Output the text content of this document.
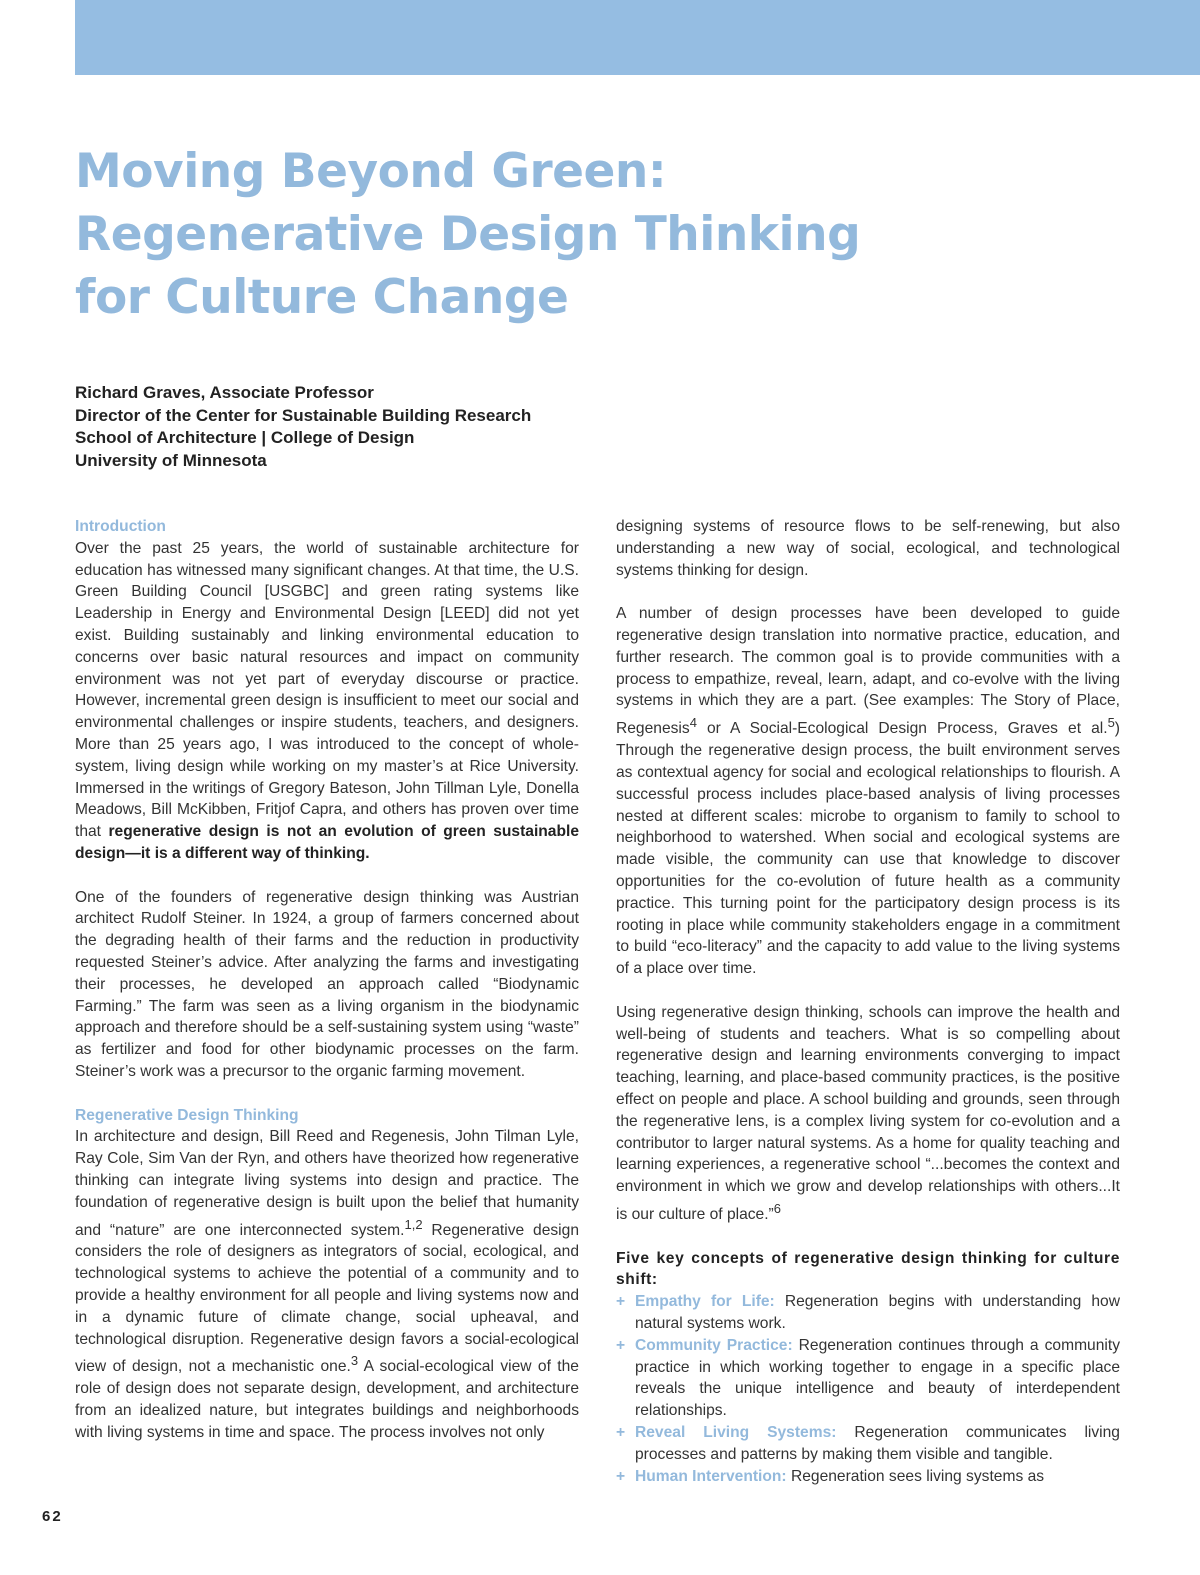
Moving Beyond Green:
Regenerative Design Thinking
for Culture Change
Richard Graves, Associate Professor
Director of the Center for Sustainable Building Research
School of Architecture | College of Design
University of Minnesota
Introduction

Over the past 25 years, the world of sustainable architecture for education has witnessed many significant changes. At that time, the U.S. Green Building Council [USGBC] and green rating systems like Leadership in Energy and Environmental Design [LEED] did not yet exist. Building sustainably and linking environmental education to concerns over basic natural resources and impact on community environment was not yet part of everyday discourse or practice. However, incremental green design is insufficient to meet our social and environmental challenges or inspire students, teachers, and designers. More than 25 years ago, I was introduced to the concept of whole-system, living design while working on my master’s at Rice University. Immersed in the writings of Gregory Bateson, John Tillman Lyle, Donella Meadows, Bill McKibben, Fritjof Capra, and others has proven over time that regenerative design is not an evolution of green sustainable design—it is a different way of thinking.

One of the founders of regenerative design thinking was Austrian architect Rudolf Steiner. In 1924, a group of farmers concerned about the degrading health of their farms and the reduction in productivity requested Steiner’s advice. After analyzing the farms and investigating their processes, he developed an approach called “Biodynamic Farming.” The farm was seen as a living organism in the biodynamic approach and therefore should be a self-sustaining system using “waste” as fertilizer and food for other biodynamic processes on the farm. Steiner’s work was a precursor to the organic farming movement.

Regenerative Design Thinking

In architecture and design, Bill Reed and Regenesis, John Tilman Lyle, Ray Cole, Sim Van der Ryn, and others have theorized how regenerative thinking can integrate living systems into design and practice. The foundation of regenerative design is built upon the belief that humanity and “nature” are one interconnected system.$^{1,2}$ Regenerative design considers the role of designers as integrators of social, ecological, and technological systems to achieve the potential of a community and to provide a healthy environment for all people and living systems now and in a dynamic future of climate change, social upheaval, and technological disruption. Regenerative design favors a social-ecological view of design, not a mechanistic one.$^3$ A social-ecological view of the role of design does not separate design, development, and architecture from an idealized nature, but integrates buildings and neighborhoods with living systems in time and space. The process involves not only

designing systems of resource flows to be self-renewing, but also understanding a new way of social, ecological, and technological systems thinking for design.

A number of design processes have been developed to guide regenerative design translation into normative practice, education, and further research. The common goal is to provide communities with a process to empathize, reveal, learn, adapt, and co-evolve with the living systems in which they are a part. (See examples: The Story of Place, Regenesis$^4$ or A Social-Ecological Design Process, Graves et al.$^5$) Through the regenerative design process, the built environment serves as contextual agency for social and ecological relationships to flourish. A successful process includes place-based analysis of living processes nested at different scales: microbe to organism to family to school to neighborhood to watershed. When social and ecological systems are made visible, the community can use that knowledge to discover opportunities for the co-evolution of future health as a community practice. This turning point for the participatory design process is its rooting in place while community stakeholders engage in a commitment to build “eco-literacy” and the capacity to add value to the living systems of a place over time.

Using regenerative design thinking, schools can improve the health and well-being of students and teachers. What is so compelling about regenerative design and learning environments converging to impact teaching, learning, and place-based community practices, is the positive effect on people and place. A school building and grounds, seen through the regenerative lens, is a complex living system for co-evolution and a contributor to larger natural systems. As a home for quality teaching and learning experiences, a regenerative school “...becomes the context and environment in which we grow and develop relationships with others...It is our culture of place.”$^6$

Five key concepts of regenerative design thinking for culture shift:
+ Empathy for Life: Regeneration begins with understanding how natural systems work.
+ Community Practice: Regeneration continues through a community practice in which working together to engage in a specific place reveals the unique intelligence and beauty of interdependent relationships.
+ Reveal Living Systems: Regeneration communicates living processes and patterns by making them visible and tangible.
+ Human Intervention: Regeneration sees living systems as
62
